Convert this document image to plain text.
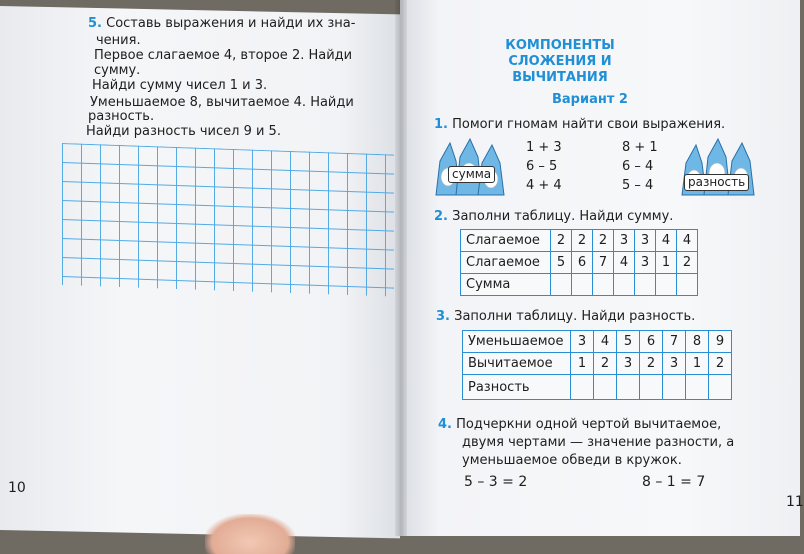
5. Составь выражения и найди их зна-
чения.
Первое слагаемое 4, второе 2. Найди
сумму.
Найди сумму чисел 1 и 3.
Уменьшаемое 8, вычитаемое 4. Найди
разность.
Найди разность чисел 9 и 5.
10
КОМПОНЕНТЫ
СЛОЖЕНИЯ И ВЫЧИТАНИЯ
Вариант 2
1. Помоги гномам найти свои выражения.
сумма
1 + 3
6 – 5
4 + 4
8 + 1
6 – 4
5 – 4	разность
2. Заполни таблицу. Найди сумму.
Слагаемое	2	2	2	3	3	4	4
Слагаемое	5	6	7	4	3	1	2
Сумма							
3. Заполни таблицу. Найди разность.
Уменьшаемое	3	4	5	6	7	8	9
Вычитаемое	1	2	3	2	3	1	2
Разность							
4. Подчеркни одной чертой вычитаемое,
двумя чертами — значение разности, а
уменьшаемое обведи в кружок.
5 – 3 = 2	8 – 1 = 7
11
